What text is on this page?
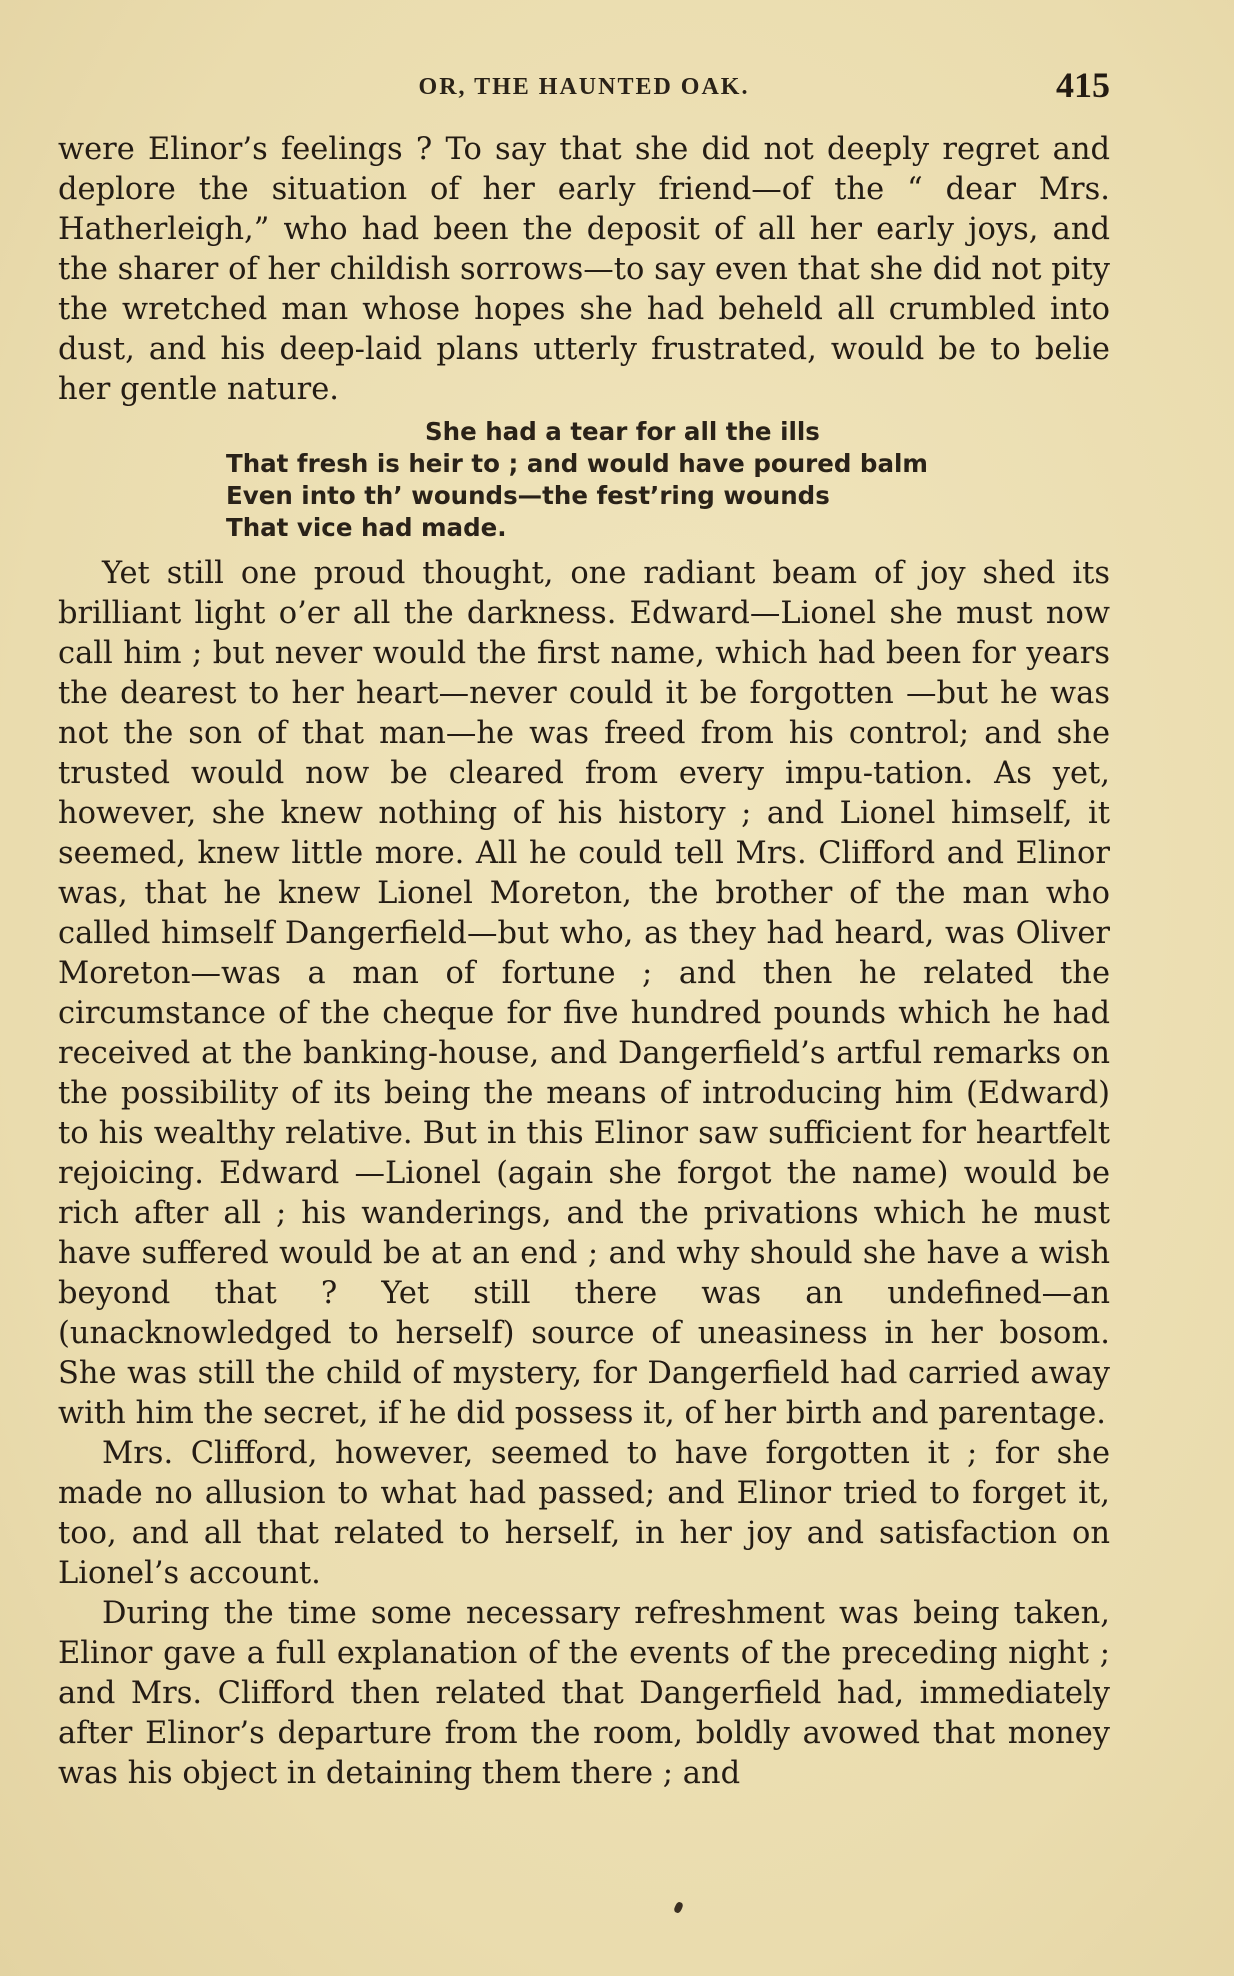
OR, THE HAUNTED OAK.	415

were Elinor’s feelings ? To say that she did not deeply regret and deplore the situation of her early friend—of the “ dear Mrs. Hatherleigh,” who had been the deposit of all her early joys, and the sharer of her childish sorrows—to say even that she did not pity the wretched man whose hopes she had beheld all crumbled into dust, and his deep-laid plans utterly frustrated, would be to belie her gentle nature.

She had a tear for all the ills
That fresh is heir to ; and would have poured balm
Even into th’ wounds—the fest’ring wounds
That vice had made.

Yet still one proud thought, one radiant beam of joy shed its brilliant light o’er all the darkness. Edward—Lionel she must now call him ; but never would the first name, which had been for years the dearest to her heart—never could it be forgotten —but he was not the son of that man—he was freed from his control; and she trusted would now be cleared from every impu-tation. As yet, however, she knew nothing of his history ; and Lionel himself, it seemed, knew little more. All he could tell Mrs. Clifford and Elinor was, that he knew Lionel Moreton, the brother of the man who called himself Dangerfield—but who, as they had heard, was Oliver Moreton—was a man of fortune ; and then he related the circumstance of the cheque for five hundred pounds which he had received at the banking-house, and Dangerfield’s artful remarks on the possibility of its being the means of introducing him (Edward) to his wealthy relative. But in this Elinor saw sufficient for heartfelt rejoicing. Edward —Lionel (again she forgot the name) would be rich after all ; his wanderings, and the privations which he must have suffered would be at an end ; and why should she have a wish beyond that ? Yet still there was an undefined—an (unacknowledged to herself) source of uneasiness in her bosom. She was still the child of mystery, for Dangerfield had carried away with him the secret, if he did possess it, of her birth and parentage.

Mrs. Clifford, however, seemed to have forgotten it ; for she made no allusion to what had passed; and Elinor tried to forget it, too, and all that related to herself, in her joy and satisfaction on Lionel’s account.

During the time some necessary refreshment was being taken, Elinor gave a full explanation of the events of the preceding night ; and Mrs. Clifford then related that Dangerfield had, immediately after Elinor’s departure from the room, boldly avowed that money was his object in detaining them there ; and
